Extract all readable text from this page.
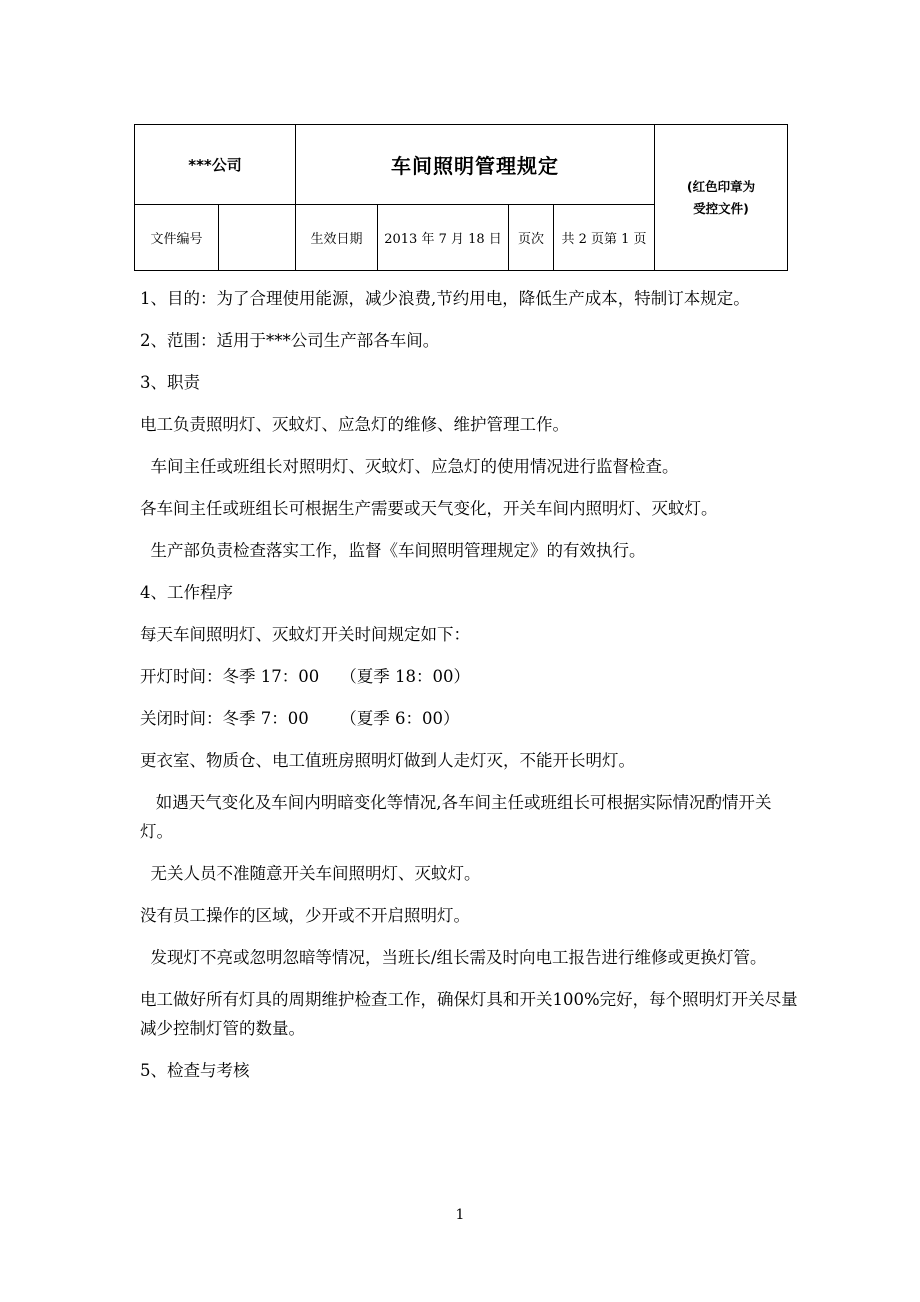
***公司		车间照明管理规定				(红色印章为
受控文件)

文件编号		生效日期	2013 年 7 月 18 日	页次	共 2 页第 1 页	

1、目的：为了合理使用能源，减少浪费,节约用电，降低生产成本，特制订本规定。

2、范围：适用于***公司生产部各车间。

3、职责

电工负责照明灯、灭蚊灯、应急灯的维修、维护管理工作。

车间主任或班组长对照明灯、灭蚊灯、应急灯的使用情况进行监督检查。

各车间主任或班组长可根据生产需要或天气变化，开关车间内照明灯、灭蚊灯。

生产部负责检查落实工作，监督《车间照明管理规定》的有效执行。

4、工作程序

每天车间照明灯、灭蚊灯开关时间规定如下：

开灯时间：冬季 17：00    （夏季 18：00）

关闭时间：冬季 7：00      （夏季 6：00）

更衣室、物质仓、电工值班房照明灯做到人走灯灭，不能开长明灯。

如遇天气变化及车间内明暗变化等情况,各车间主任或班组长可根据实际情况酌情开关灯。

无关人员不准随意开关车间照明灯、灭蚊灯。

没有员工操作的区域，少开或不开启照明灯。

发现灯不亮或忽明忽暗等情况，当班长/组长需及时向电工报告进行维修或更换灯管。

电工做好所有灯具的周期维护检查工作，确保灯具和开关100%完好，每个照明灯开关尽量减少控制灯管的数量。

5、检查与考核

1
